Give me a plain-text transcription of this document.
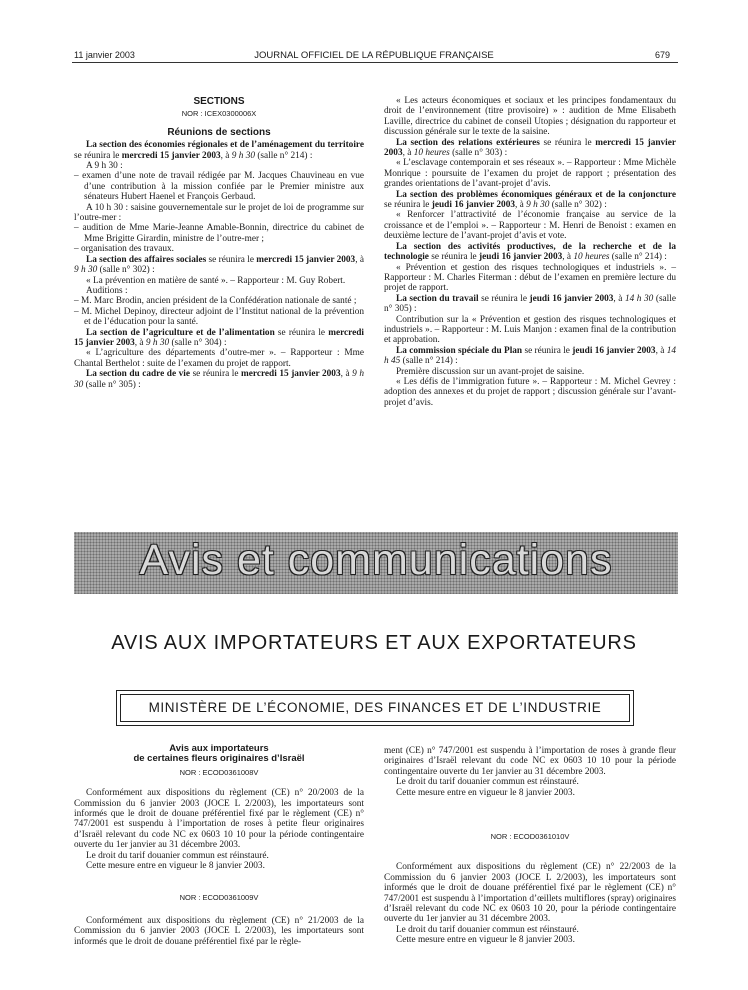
11 janvier 2003	JOURNAL OFFICIEL DE LA RÉPUBLIQUE FRANÇAISE	679

SECTIONS

NOR : ICEX0300006X

Réunions de sections

La section des économies régionales et de l’aménagement du territoire se réunira le mercredi 15 janvier 2003, à 9 h 30 (salle n° 214) :

A 9 h 30 :

– examen d’une note de travail rédigée par M. Jacques Chauvineau en vue d’une contribution à la mission confiée par le Premier ministre aux sénateurs Hubert Haenel et François Gerbaud.

A 10 h 30 : saisine gouvernementale sur le projet de loi de programme sur l’outre-mer :

– audition de Mme Marie-Jeanne Amable-Bonnin, directrice du cabinet de Mme Brigitte Girardin, ministre de l’outre-mer ;

– organisation des travaux.

La section des affaires sociales se réunira le mercredi 15 janvier 2003, à 9 h 30 (salle n° 302) :

« La prévention en matière de santé ». – Rapporteur : M. Guy Robert.

Auditions :

– M. Marc Brodin, ancien président de la Confédération nationale de santé ;

– M. Michel Depinoy, directeur adjoint de l’Institut national de la prévention et de l’éducation pour la santé.

La section de l’agriculture et de l’alimentation se réunira le mercredi 15 janvier 2003, à 9 h 30 (salle n° 304) :

« L’agriculture des départements d’outre-mer ». – Rapporteur : Mme Chantal Berthelot : suite de l’examen du projet de rapport.

La section du cadre de vie se réunira le mercredi 15 janvier 2003, à 9 h 30 (salle n° 305) :

« Les acteurs économiques et sociaux et les principes fondamentaux du droit de l’environnement (titre provisoire) » : audition de Mme Elisabeth Laville, directrice du cabinet de conseil Utopies ; désignation du rapporteur et discussion générale sur le texte de la saisine.

La section des relations extérieures se réunira le mercredi 15 janvier 2003, à 10 heures (salle n° 303) :

« L’esclavage contemporain et ses réseaux ». – Rapporteur : Mme Michèle Monrique : poursuite de l’examen du projet de rapport ; présentation des grandes orientations de l’avant-projet d’avis.

La section des problèmes économiques généraux et de la conjoncture se réunira le jeudi 16 janvier 2003, à 9 h 30 (salle n° 302) :

« Renforcer l’attractivité de l’économie française au service de la croissance et de l’emploi ». – Rapporteur : M. Henri de Benoist : examen en deuxième lecture de l’avant-projet d’avis et vote.

La section des activités productives, de la recherche et de la technologie se réunira le jeudi 16 janvier 2003, à 10 heures (salle n° 214) :

« Prévention et gestion des risques technologiques et industriels ». – Rapporteur : M. Charles Fiterman : début de l’examen en première lecture du projet de rapport.

La section du travail se réunira le jeudi 16 janvier 2003, à 14 h 30 (salle n° 305) :

Contribution sur la « Prévention et gestion des risques technologiques et industriels ». – Rapporteur : M. Luis Manjon : examen final de la contribution et approbation.

La commission spéciale du Plan se réunira le jeudi 16 janvier 2003, à 14 h 45 (salle n° 214) :

Première discussion sur un avant-projet de saisine.

« Les défis de l’immigration future ». – Rapporteur : M. Michel Gevrey : adoption des annexes et du projet de rapport ; discussion générale sur l’avant-projet d’avis.

Avis et communications
AVIS AUX IMPORTATEURS ET AUX EXPORTATEURS
MINISTÈRE DE L’ÉCONOMIE, DES FINANCES ET DE L’INDUSTRIE

Avis aux importateurs

de certaines fleurs originaires d’Israël

NOR : ECOD0361008V

Conformément aux dispositions du règlement (CE) n° 20/2003 de la Commission du 6 janvier 2003 (JOCE L 2/2003), les importateurs sont informés que le droit de douane préférentiel fixé par le règlement (CE) n° 747/2001 est suspendu à l’importation de roses à petite fleur originaires d’Israël relevant du code NC ex 0603 10 10 pour la période contingentaire ouverte du 1er janvier au 31 décembre 2003.

Le droit du tarif douanier commun est réinstauré.

Cette mesure entre en vigueur le 8 janvier 2003.

NOR : ECOD0361009V

Conformément aux dispositions du règlement (CE) n° 21/2003 de la Commission du 6 janvier 2003 (JOCE L 2/2003), les importateurs sont informés que le droit de douane préférentiel fixé par le règle-

ment (CE) n° 747/2001 est suspendu à l’importation de roses à grande fleur originaires d’Israël relevant du code NC ex 0603 10 10 pour la période contingentaire ouverte du 1er janvier au 31 décembre 2003.

Le droit du tarif douanier commun est réinstauré.

Cette mesure entre en vigueur le 8 janvier 2003.

NOR : ECOD0361010V

Conformément aux dispositions du règlement (CE) n° 22/2003 de la Commission du 6 janvier 2003 (JOCE L 2/2003), les importateurs sont informés que le droit de douane préférentiel fixé par le règlement (CE) n° 747/2001 est suspendu à l’importation d’œillets multiflores (spray) originaires d’Israël relevant du code NC ex 0603 10 20, pour la période contingentaire ouverte du 1er janvier au 31 décembre 2003.

Le droit du tarif douanier commun est réinstauré.

Cette mesure entre en vigueur le 8 janvier 2003.
